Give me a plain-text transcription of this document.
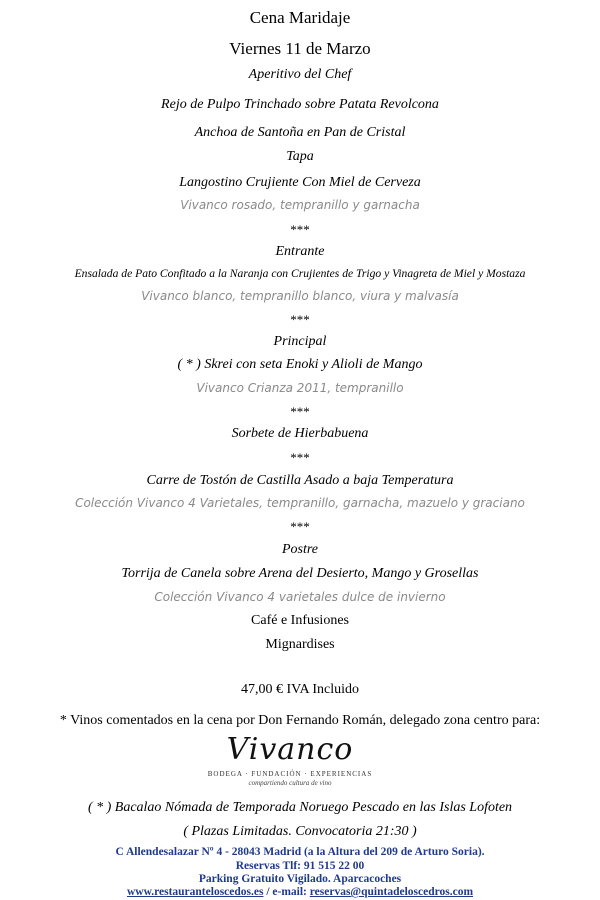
Cena Maridaje
Viernes 11 de Marzo
Aperitivo del Chef
Rejo de Pulpo Trinchado sobre Patata Revolcona
Anchoa de Santoña en Pan de Cristal
Tapa
Langostino Crujiente Con Miel de Cerveza
Vivanco rosado, tempranillo y garnacha
***
Entrante
Ensalada de Pato Confitado a la Naranja con Crujientes de Trigo y Vinagreta de Miel y Mostaza
Vivanco blanco, tempranillo blanco, viura y malvasía
***
Principal
( * ) Skrei con seta Enoki y Alioli de Mango
Vivanco Crianza 2011, tempranillo
***
Sorbete de Hierbabuena
***
Carre de Tostón de Castilla Asado a baja Temperatura
Colección Vivanco 4 Varietales, tempranillo, garnacha, mazuelo y graciano
***
Postre
Torrija de Canela sobre Arena del Desierto, Mango y Grosellas
Colección Vivanco 4 varietales dulce de invierno
Café e Infusiones
Mignardises
47,00 € IVA Incluido
* Vinos comentados en la cena por Don Fernando Román, delegado zona centro para:
Vivanco
BODEGA · FUNDACIÓN · EXPERIENCIAS
compartiendo cultura de vino
( * ) Bacalao Nómada de Temporada Noruego Pescado en las Islas Lofoten
( Plazas Limitadas. Convocatoria 21:30 )
C Allendesalazar Nº 4 - 28043 Madrid (a la Altura del 209 de Arturo Soria).
Reservas Tlf: 91 515 22 00
Parking Gratuito Vigilado. Aparcacoches
www.restauranteloscedos.es / e-mail: reservas@quintadeloscedros.com
